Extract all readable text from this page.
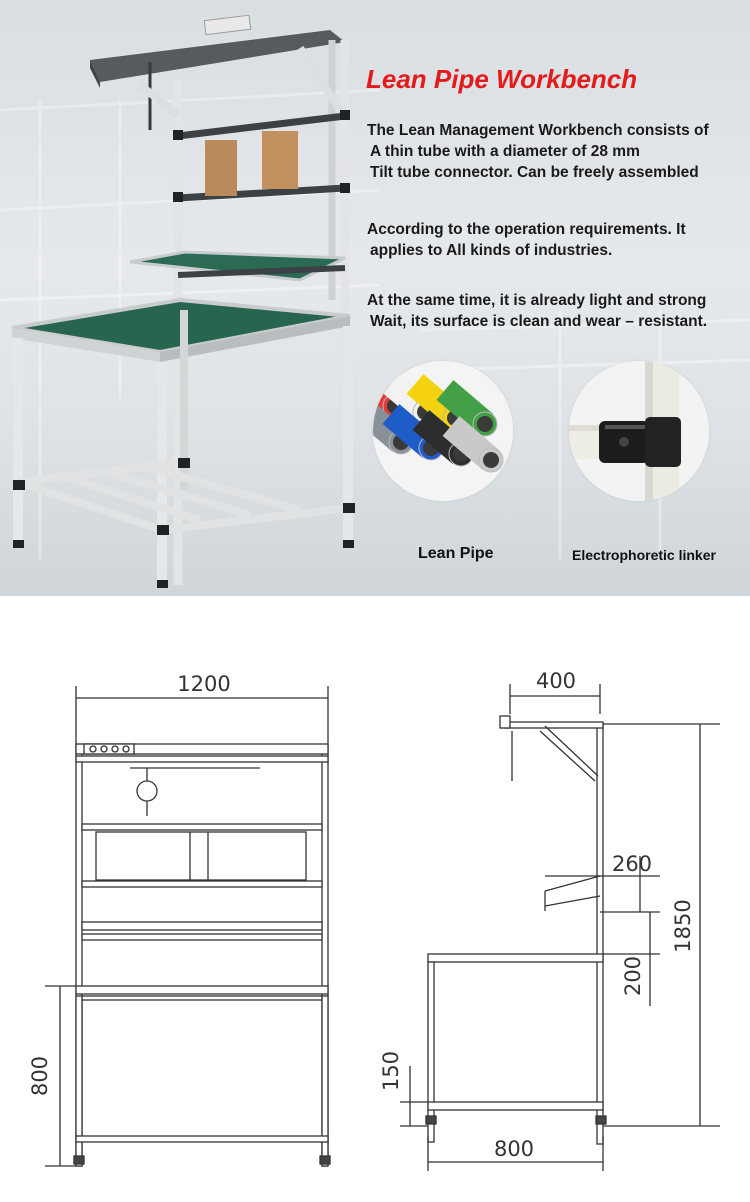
Lean Pipe Workbench
The Lean Management Workbench consists of
A thin tube with a diameter of 28 mm
Tilt tube connector. Can be freely assembled
According to the operation requirements. It
applies to All kinds of industries.
At the same time, it is already light and strong
Wait, its surface is clean and wear – resistant.
Lean Pipe	Electrophoretic linker
1200
800
400
1850
260
200
150
800
